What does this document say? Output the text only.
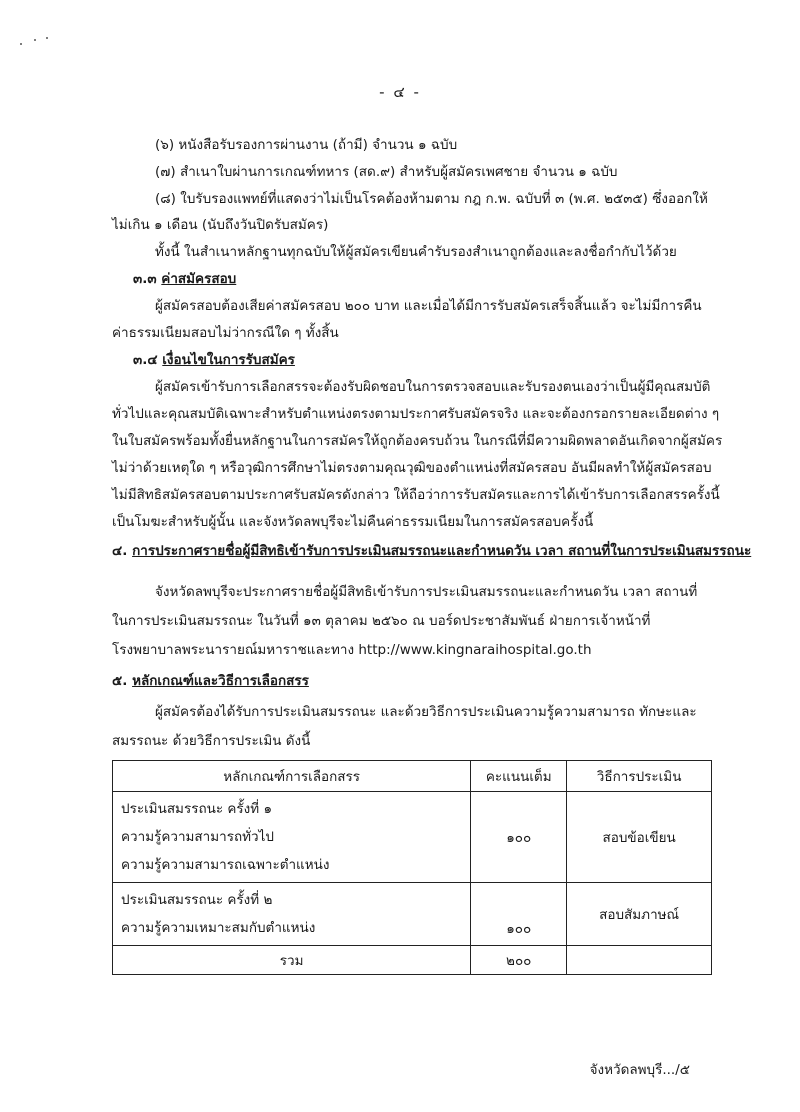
- ๔ -
(๖) หนังสือรับรองการผ่านงาน (ถ้ามี) จำนวน ๑ ฉบับ
(๗) สำเนาใบผ่านการเกณฑ์ทหาร (สด.๙) สำหรับผู้สมัครเพศชาย จำนวน ๑ ฉบับ
(๘) ใบรับรองแพทย์ที่แสดงว่าไม่เป็นโรคต้องห้ามตาม กฎ ก.พ. ฉบับที่ ๓ (พ.ศ. ๒๕๓๕) ซึ่งออกให้
ไม่เกิน ๑ เดือน (นับถึงวันปิดรับสมัคร)
ทั้งนี้ ในสำเนาหลักฐานทุกฉบับให้ผู้สมัครเขียนคำรับรองสำเนาถูกต้องและลงชื่อกำกับไว้ด้วย
๓.๓ ค่าสมัครสอบ
ผู้สมัครสอบต้องเสียค่าสมัครสอบ ๒๐๐ บาท และเมื่อได้มีการรับสมัครเสร็จสิ้นแล้ว จะไม่มีการคืน
ค่าธรรมเนียมสอบไม่ว่ากรณีใด ๆ ทั้งสิ้น
๓.๔ เงื่อนไขในการรับสมัคร
ผู้สมัครเข้ารับการเลือกสรรจะต้องรับผิดชอบในการตรวจสอบและรับรองตนเองว่าเป็นผู้มีคุณสมบัติ
ทั่วไปและคุณสมบัติเฉพาะสำหรับตำแหน่งตรงตามประกาศรับสมัครจริง และจะต้องกรอกรายละเอียดต่าง ๆ
ในใบสมัครพร้อมทั้งยื่นหลักฐานในการสมัครให้ถูกต้องครบถ้วน ในกรณีที่มีความผิดพลาดอันเกิดจากผู้สมัคร
ไม่ว่าด้วยเหตุใด ๆ หรือวุฒิการศึกษาไม่ตรงตามคุณวุฒิของตำแหน่งที่สมัครสอบ อันมีผลทำให้ผู้สมัครสอบ
ไม่มีสิทธิสมัครสอบตามประกาศรับสมัครดังกล่าว ให้ถือว่าการรับสมัครและการได้เข้ารับการเลือกสรรครั้งนี้
เป็นโมฆะสำหรับผู้นั้น และจังหวัดลพบุรีจะไม่คืนค่าธรรมเนียมในการสมัครสอบครั้งนี้
๔. การประกาศรายชื่อผู้มีสิทธิเข้ารับการประเมินสมรรถนะและกำหนดวัน เวลา สถานที่ในการประเมินสมรรถนะ
จังหวัดลพบุรีจะประกาศรายชื่อผู้มีสิทธิเข้ารับการประเมินสมรรถนะและกำหนดวัน เวลา สถานที่
ในการประเมินสมรรถนะ ในวันที่ ๑๓ ตุลาคม ๒๕๖๐ ณ บอร์ดประชาสัมพันธ์ ฝ่ายการเจ้าหน้าที่
โรงพยาบาลพระนารายณ์มหาราชและทาง http://www.kingnaraihospital.go.th
๕. หลักเกณฑ์และวิธีการเลือกสรร
ผู้สมัครต้องได้รับการประเมินสมรรถนะ และด้วยวิธีการประเมินความรู้ความสามารถ ทักษะและ
สมรรถนะ ด้วยวิธีการประเมิน ดังนี้
หลักเกณฑ์การเลือกสรร	คะแนนเต็ม	วิธีการประเมิน

ประเมินสมรรถนะ ครั้งที่ ๑
ความรู้ความสามารถทั่วไป
ความรู้ความสามารถเฉพาะตำแหน่ง	๑๐๐	สอบข้อเขียน

ประเมินสมรรถนะ ครั้งที่ ๒
ความรู้ความเหมาะสมกับตำแหน่ง	๑๐๐	สอบสัมภาษณ์
รวม	๒๐๐	
จังหวัดลพบุรี.../๕
